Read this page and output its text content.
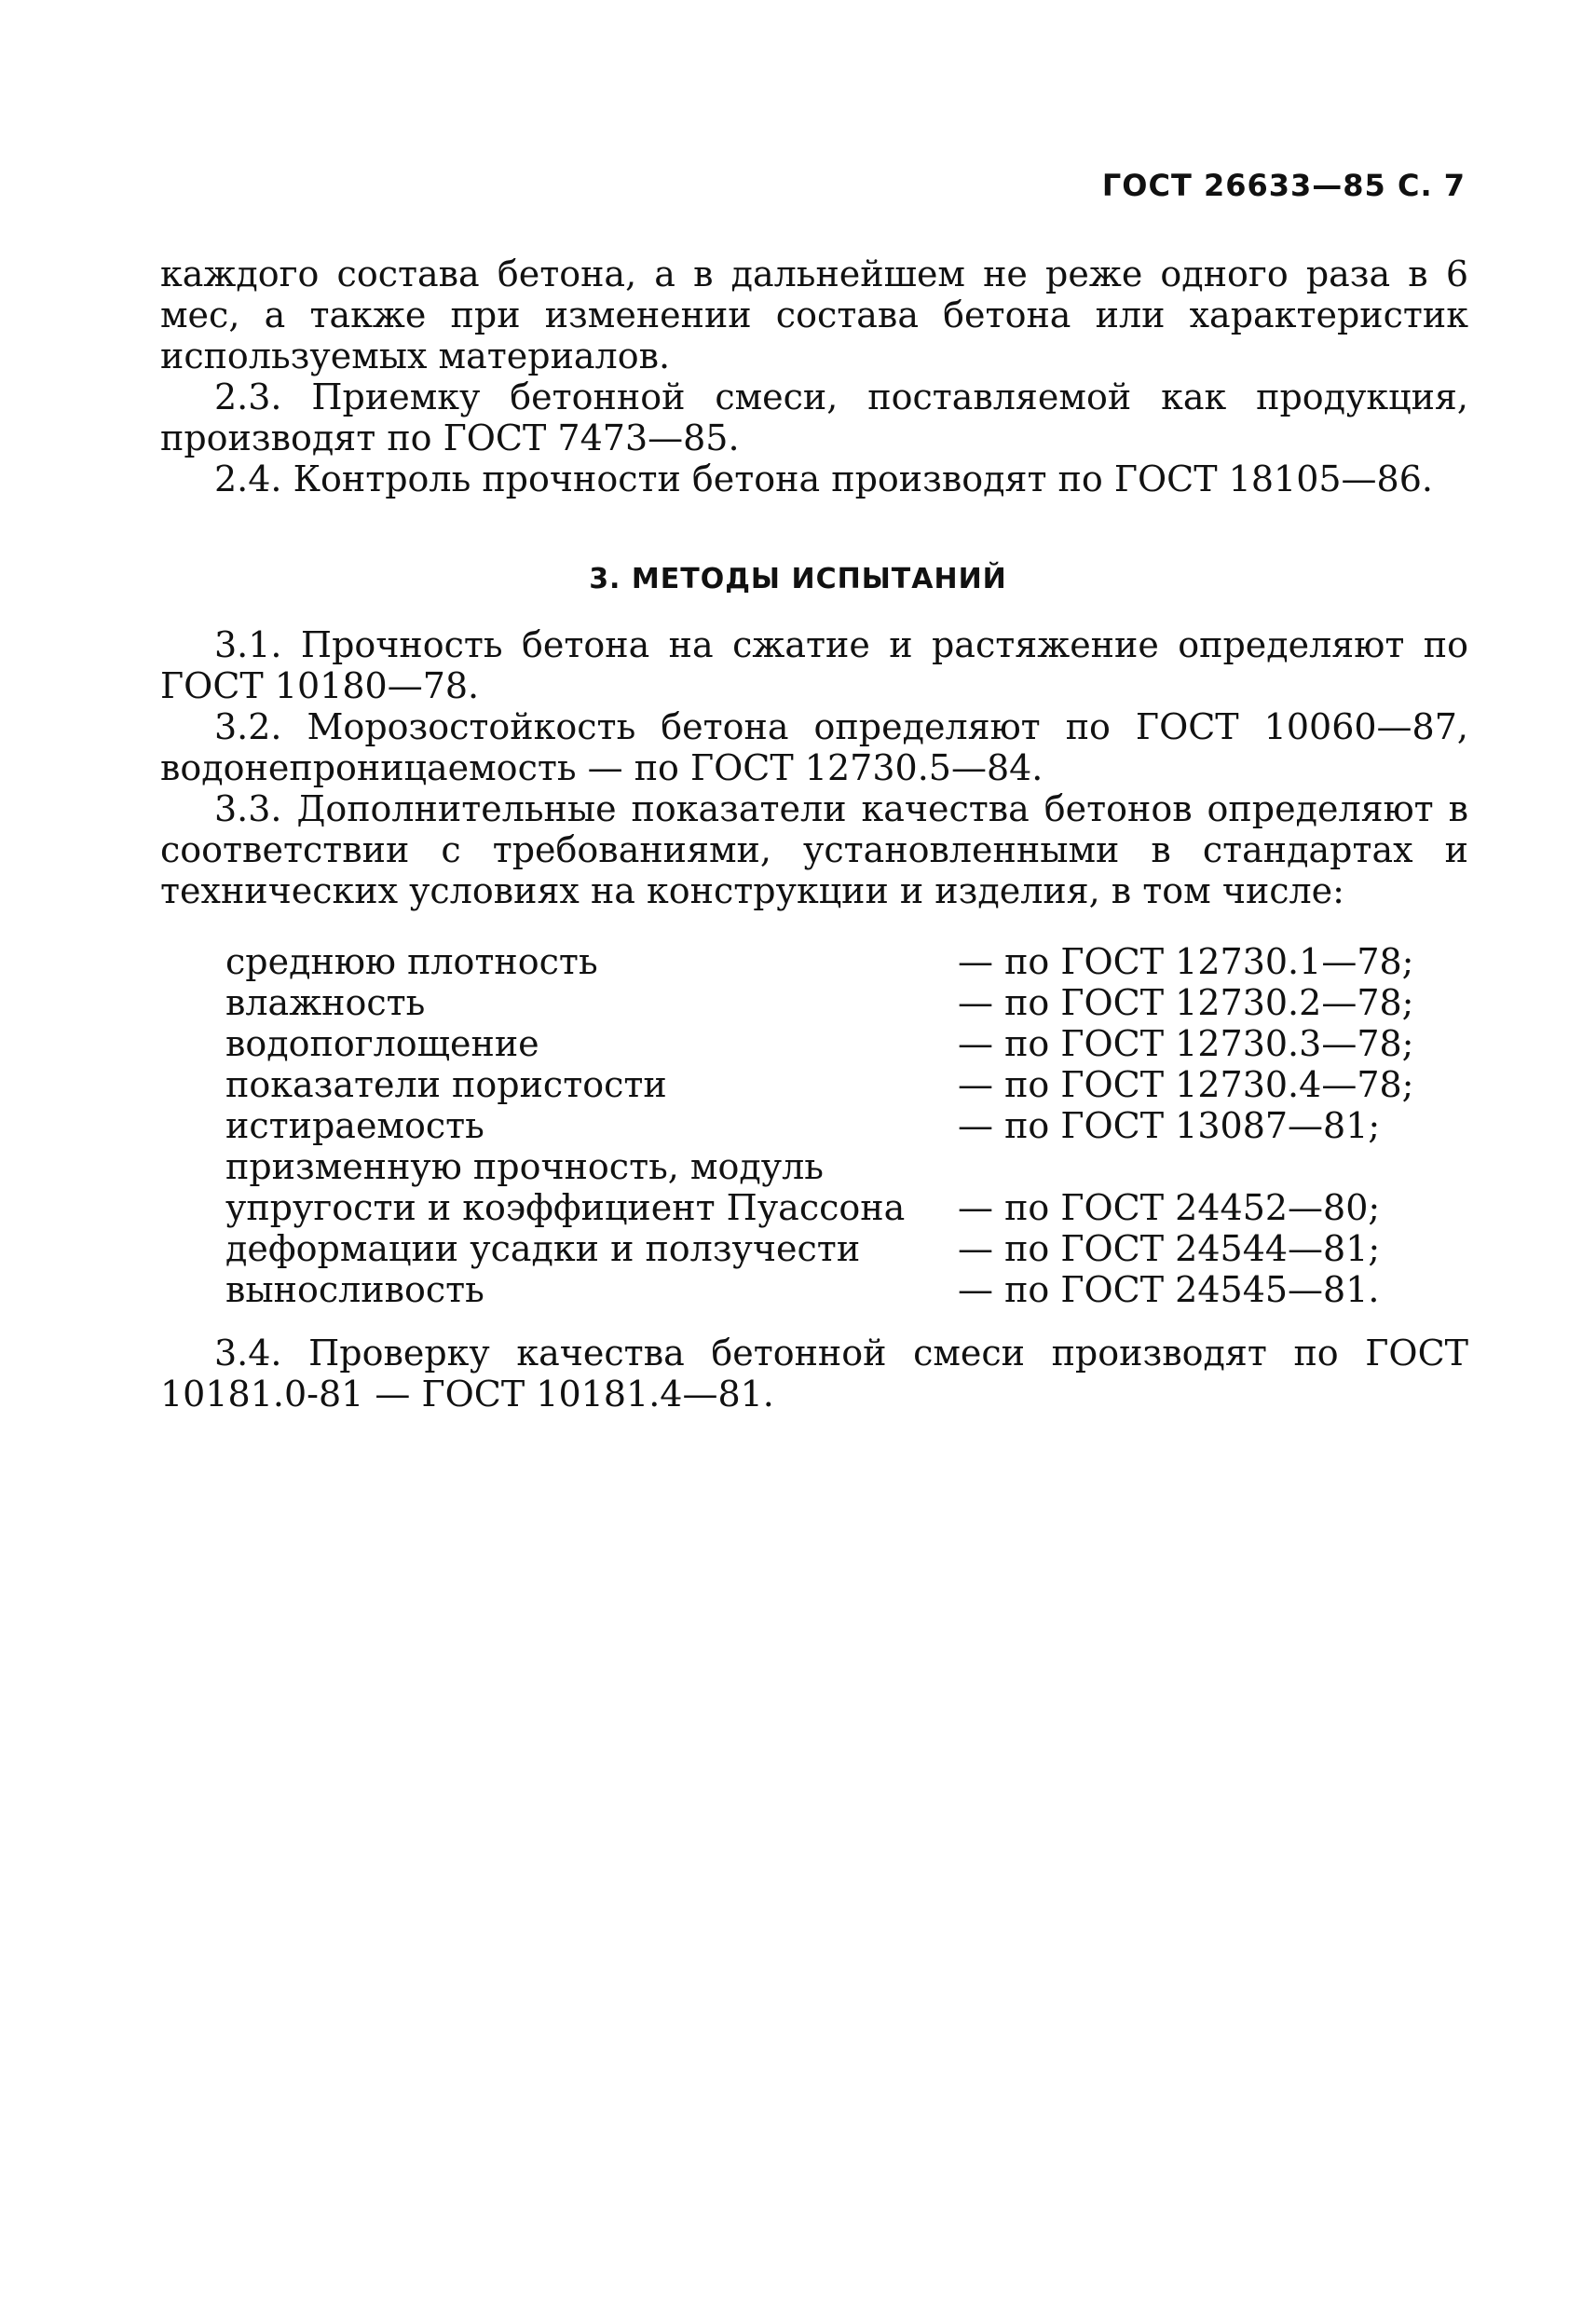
ГОСТ 26633—85 С. 7

каждого состава бетона, а в дальнейшем не реже одного раза в 6 мес, а также при изменении состава бетона или характеристик используемых материалов.

2.3. Приемку бетонной смеси, поставляемой как продукция, производят по ГОСТ 7473—85.

2.4. Контроль прочности бетона производят по ГОСТ 18105—86.

3. МЕТОДЫ ИСПЫТАНИЙ

3.1. Прочность бетона на сжатие и растяжение определяют по ГОСТ 10180—78.

3.2. Морозостойкость бетона определяют по ГОСТ 10060—87, водонепроницаемость — по ГОСТ 12730.5—84.

3.3. Дополнительные показатели качества бетонов определяют в соответствии с требованиями, установленными в стандартах и технических условиях на конструкции и изделия, в том числе:

среднюю плотность	— по ГОСТ 12730.1—78;
влажность	— по ГОСТ 12730.2—78;
водопоглощение	— по ГОСТ 12730.3—78;
показатели пористости	— по ГОСТ 12730.4—78;
истираемость	— по ГОСТ 13087—81;
призменную прочность, модуль
упругости и коэффициент Пуассона	— по ГОСТ 24452—80;
деформации усадки и ползучести	— по ГОСТ 24544—81;
выносливость	— по ГОСТ 24545—81.

3.4. Проверку качества бетонной смеси производят по ГОСТ 10181.0-81 — ГОСТ 10181.4—81.
